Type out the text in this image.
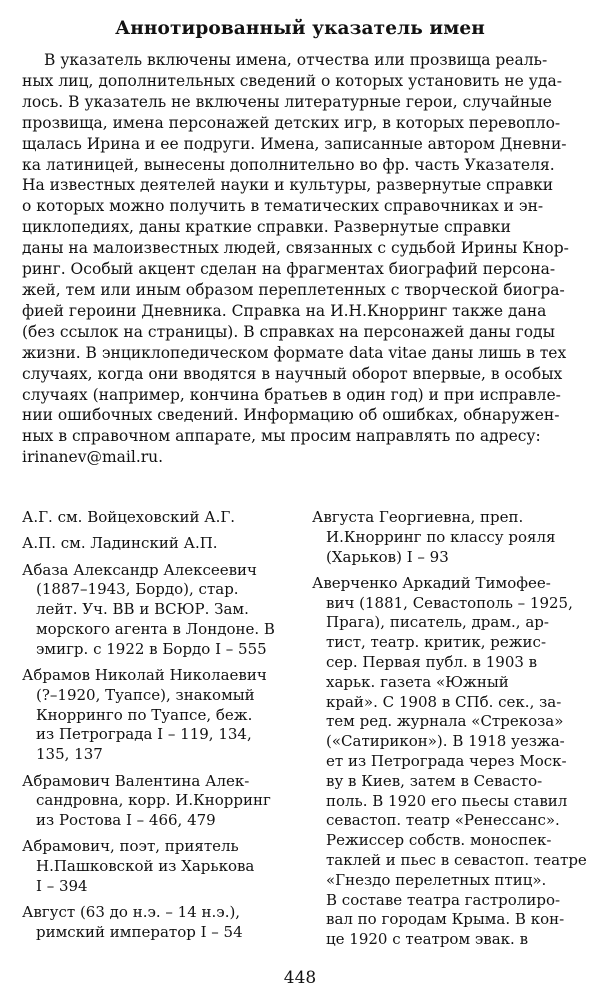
Аннотированный указатель имен
В указатель включены имена, отчества или прозвища реаль-
ных лиц, дополнительных сведений о которых установить не уда-
лось. В указатель не включены литературные герои, случайные
прозвища, имена персонажей детских игр, в которых перевопло-
щалась Ирина и ее подруги. Имена, записанные автором Дневни-
ка латиницей, вынесены дополнительно во фр. часть Указателя.
На известных деятелей науки и культуры, развернутые справки
о которых можно получить в тематических справочниках и эн-
циклопедиях, даны краткие справки. Развернутые справки
даны на малоизвестных людей, связанных с судьбой Ирины Кнор-
ринг. Особый акцент сделан на фрагментах биографий персона-
жей, тем или иным образом переплетенных с творческой биогра-
фией героини Дневника. Справка на И.Н.Кнорринг также дана
(без ссылок на страницы). В справках на персонажей даны годы
жизни. В энциклопедическом формате data vitae даны лишь в тех
случаях, когда они вводятся в научный оборот впервые, в особых
случаях (например, кончина братьев в один год) и при исправле-
нии ошибочных сведений. Информацию об ошибках, обнаружен-
ных в справочном аппарате, мы просим направлять по адресу:
irinanev@mail.ru.
А.Г. см. Войцеховский А.Г.
А.П. см. Ладинский А.П.
Абаза Александр Алексеевич
(1887–1943, Бордо), стар.
лейт. Уч. ВВ и ВСЮР. Зам.
морского агента в Лондоне. В
эмигр. с 1922 в Бордо I – 555
Абрамов Николай Николаевич
(?–1920, Туапсе), знакомый
Кнорринго по Туапсе, беж.
из Петрограда I – 119, 134,
135, 137
Абрамович Валентина Алек-
сандровна, корр. И.Кнорринг
из Ростова I – 466, 479
Абрамович, поэт, приятель
Н.Пашковской из Харькова
I – 394
Август (63 до н.э. – 14 н.э.),
римский император I – 54
Августа Георгиевна, преп.
И.Кнорринг по классу рояля
(Харьков) I – 93
Аверченко Аркадий Тимофее-
вич (1881, Севастополь – 1925,
Прага), писатель, драм., ар-
тист, театр. критик, режис-
сер. Первая публ. в 1903 в
харьк. газета «Южный
край». С 1908 в СПб. сек., за-
тем ред. журнала «Стрекоза»
(«Сатирикон»). В 1918 уезжа-
ет из Петрограда через Моск-
ву в Киев, затем в Севасто-
поль. В 1920 его пьесы ставил
севастоп. театр «Ренессанс».
Режиссер собств. моноспек-
таклей и пьес в севастоп. театре
«Гнездо перелетных птиц».
В составе театра гастролиро-
вал по городам Крыма. В кон-
це 1920 с театром эвак. в
448
